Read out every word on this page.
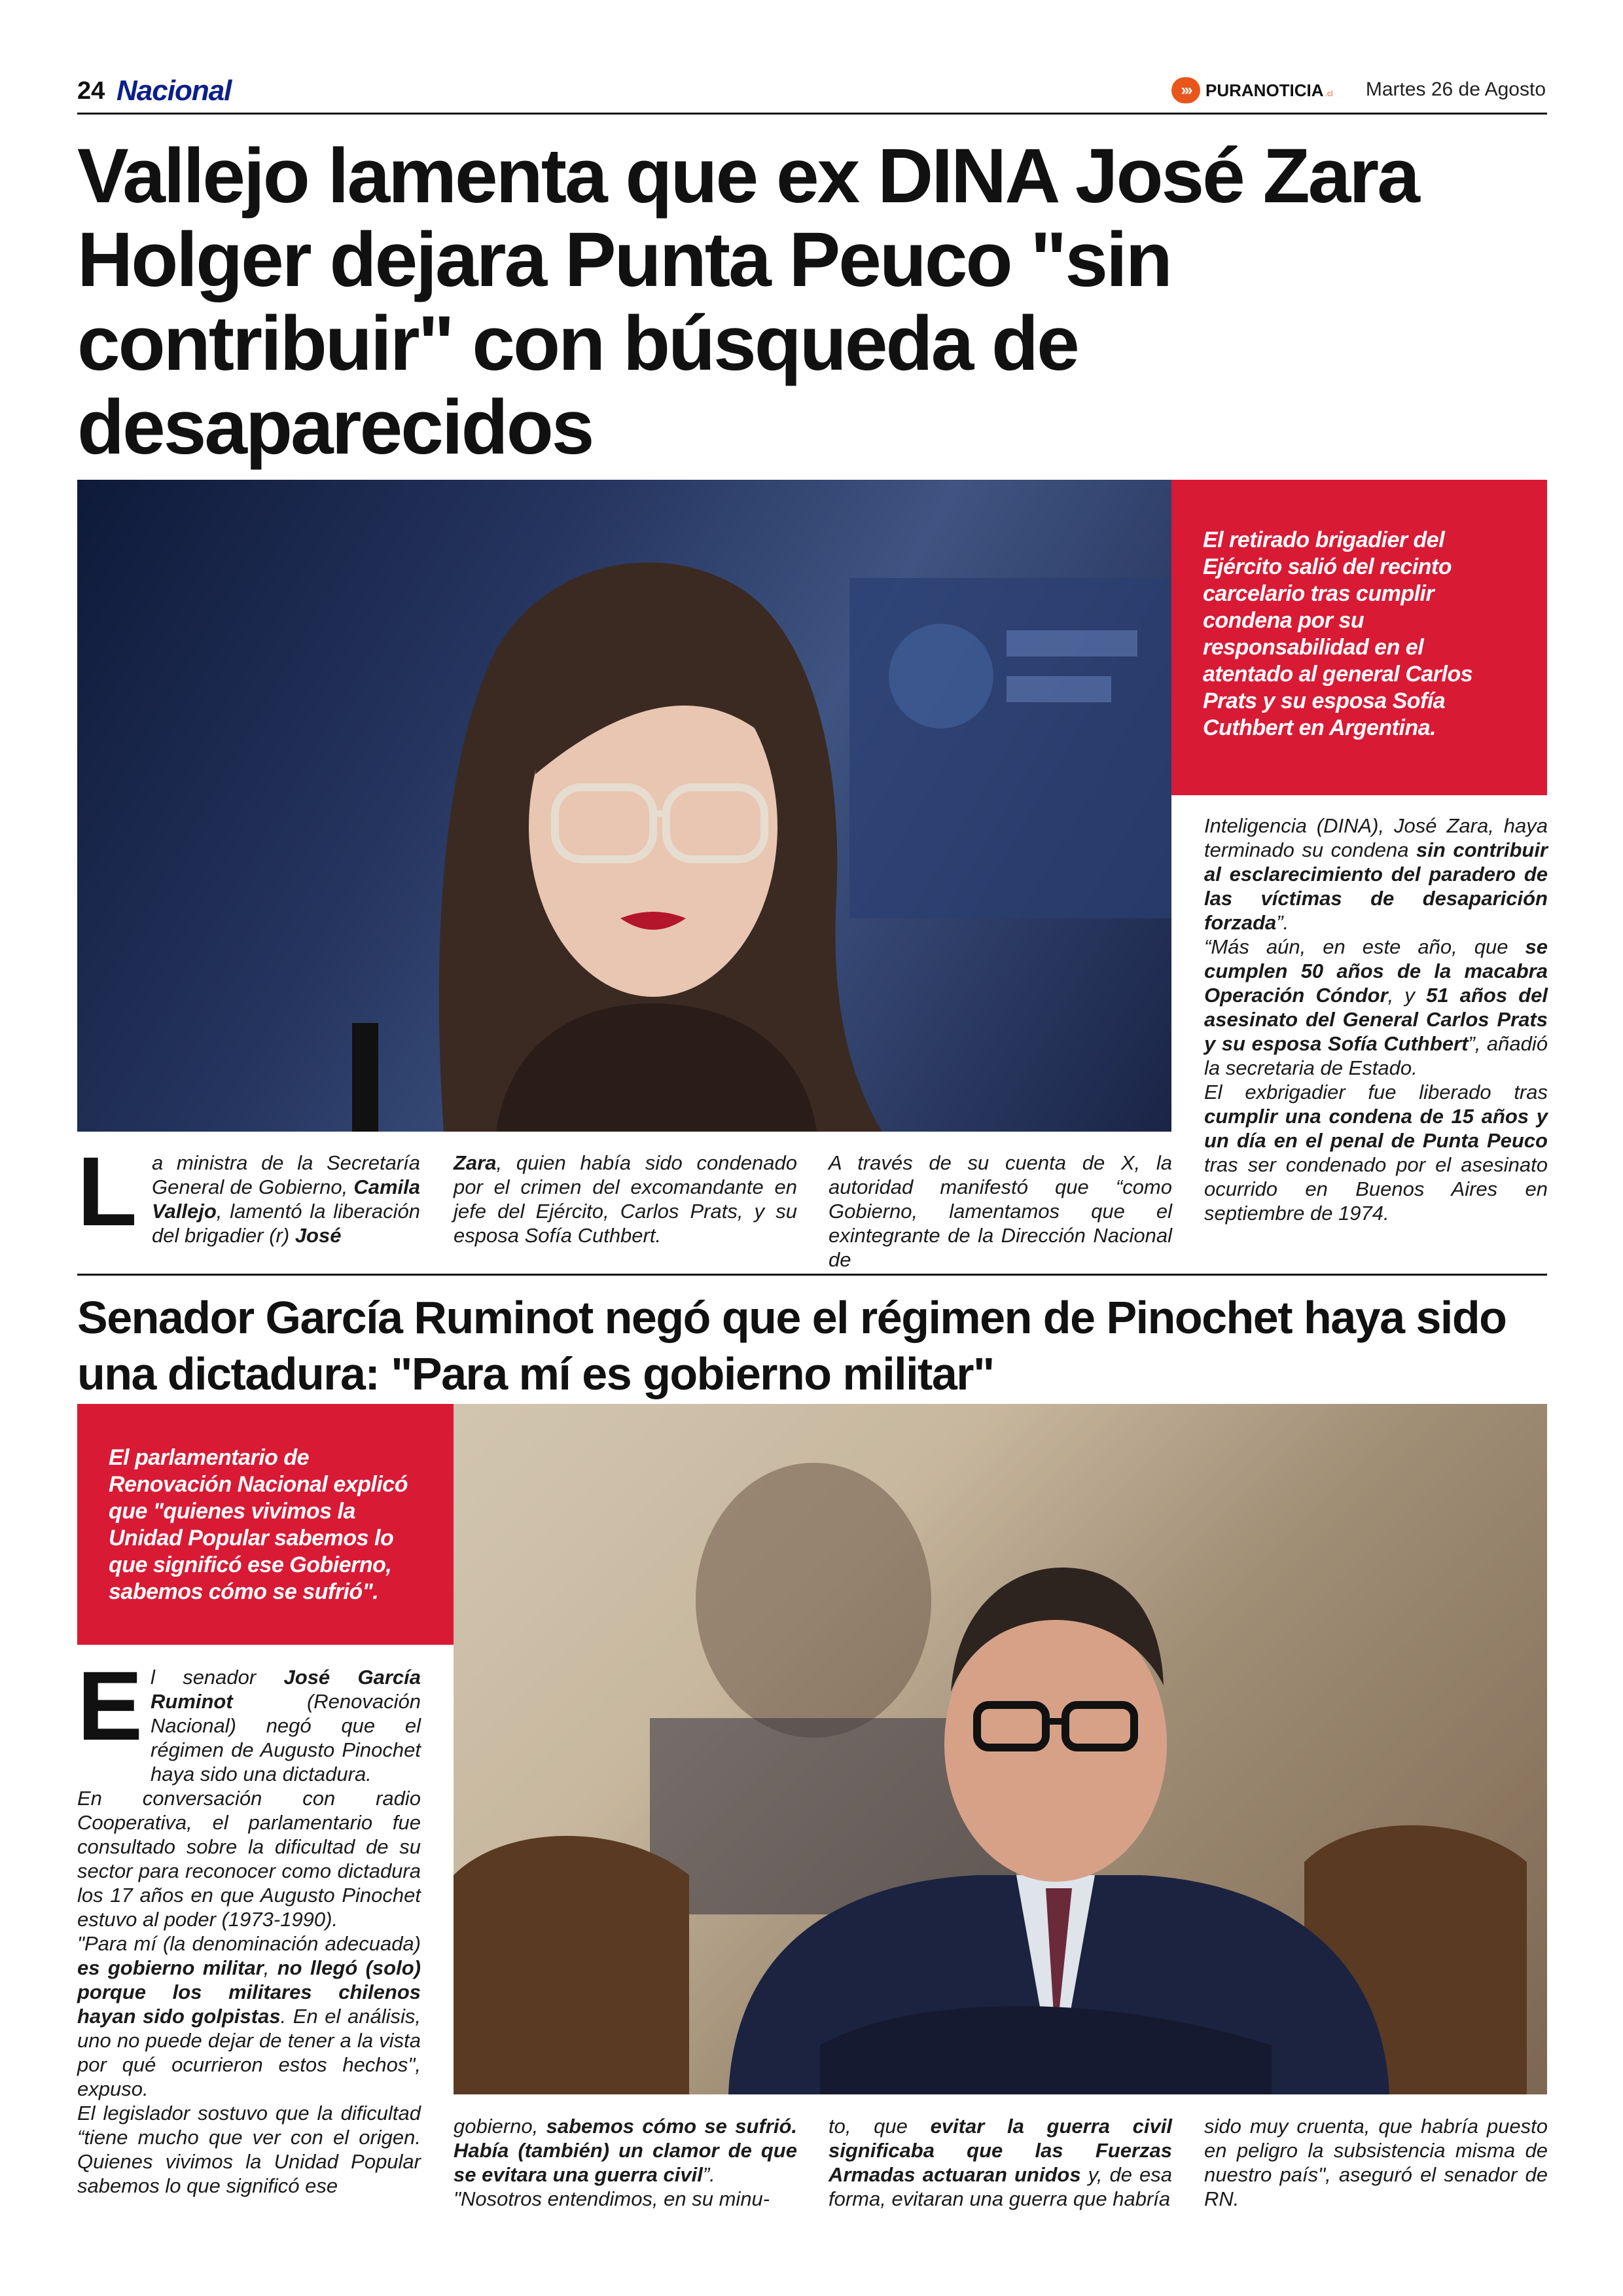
24 Nacional	››› PURANOTICIA .cl Martes 26 de Agosto
Vallejo lamenta que ex DINA José Zara Holger dejara Punta Peuco "sin contribuir" con búsqueda de desaparecidos
El retirado brigadier del Ejército salió del recinto carcelario tras cumplir condena por su responsabilidad en el atentado al general Carlos Prats y su esposa Sofía Cuthbert en Argentina.
L a ministra de la Secretaría General de Gobierno, Camila Vallejo, lamentó la liberación del brigadier (r) José
Zara, quien había sido condenado por el crimen del excomandante en jefe del Ejército, Carlos Prats, y su esposa Sofía Cuthbert.
A través de su cuenta de X, la autoridad manifestó que “como Gobierno, lamentamos que el exintegrante de la Dirección Nacional de
Inteligencia (DINA), José Zara, haya terminado su condena sin contribuir al esclarecimiento del paradero de las víctimas de desaparición forzada”.
“Más aún, en este año, que se cumplen 50 años de la macabra Operación Cóndor, y 51 años del asesinato del General Carlos Prats y su esposa Sofía Cuthbert”, añadió la secretaria de Estado.
El exbrigadier fue liberado tras cumplir una condena de 15 años y un día en el penal de Punta Peuco tras ser condenado por el asesinato ocurrido en Buenos Aires en septiembre de 1974.
Senador García Ruminot negó que el régimen de Pinochet haya sido una dictadura: "Para mí es gobierno militar"
El parlamentario de Renovación Nacional explicó que "quienes vivimos la Unidad Popular sabemos lo que significó ese Gobierno, sabemos cómo se sufrió".
E l senador José García Ruminot (Renovación Nacional) negó que el régimen de Augusto Pinochet haya sido una dictadura.
En conversación con radio Cooperativa, el parlamentario fue consultado sobre la dificultad de su sector para reconocer como dictadura los 17 años en que Augusto Pinochet estuvo al poder (1973-1990).
"Para mí (la denominación adecuada) es gobierno militar, no llegó (solo) porque los militares chilenos hayan sido golpistas. En el análisis, uno no puede dejar de tener a la vista por qué ocurrieron estos hechos", expuso.
El legislador sostuvo que la dificultad “tiene mucho que ver con el origen. Quienes vivimos la Unidad Popular sabemos lo que significó ese
gobierno, sabemos cómo se sufrió. Había (también) un clamor de que se evitara una guerra civil”.
"Nosotros entendimos, en su minu-
to, que evitar la guerra civil significaba que las Fuerzas Armadas actuaran unidos y, de esa forma, evitaran una guerra que habría
sido muy cruenta, que habría puesto en peligro la subsistencia misma de nuestro país", aseguró el senador de RN.
